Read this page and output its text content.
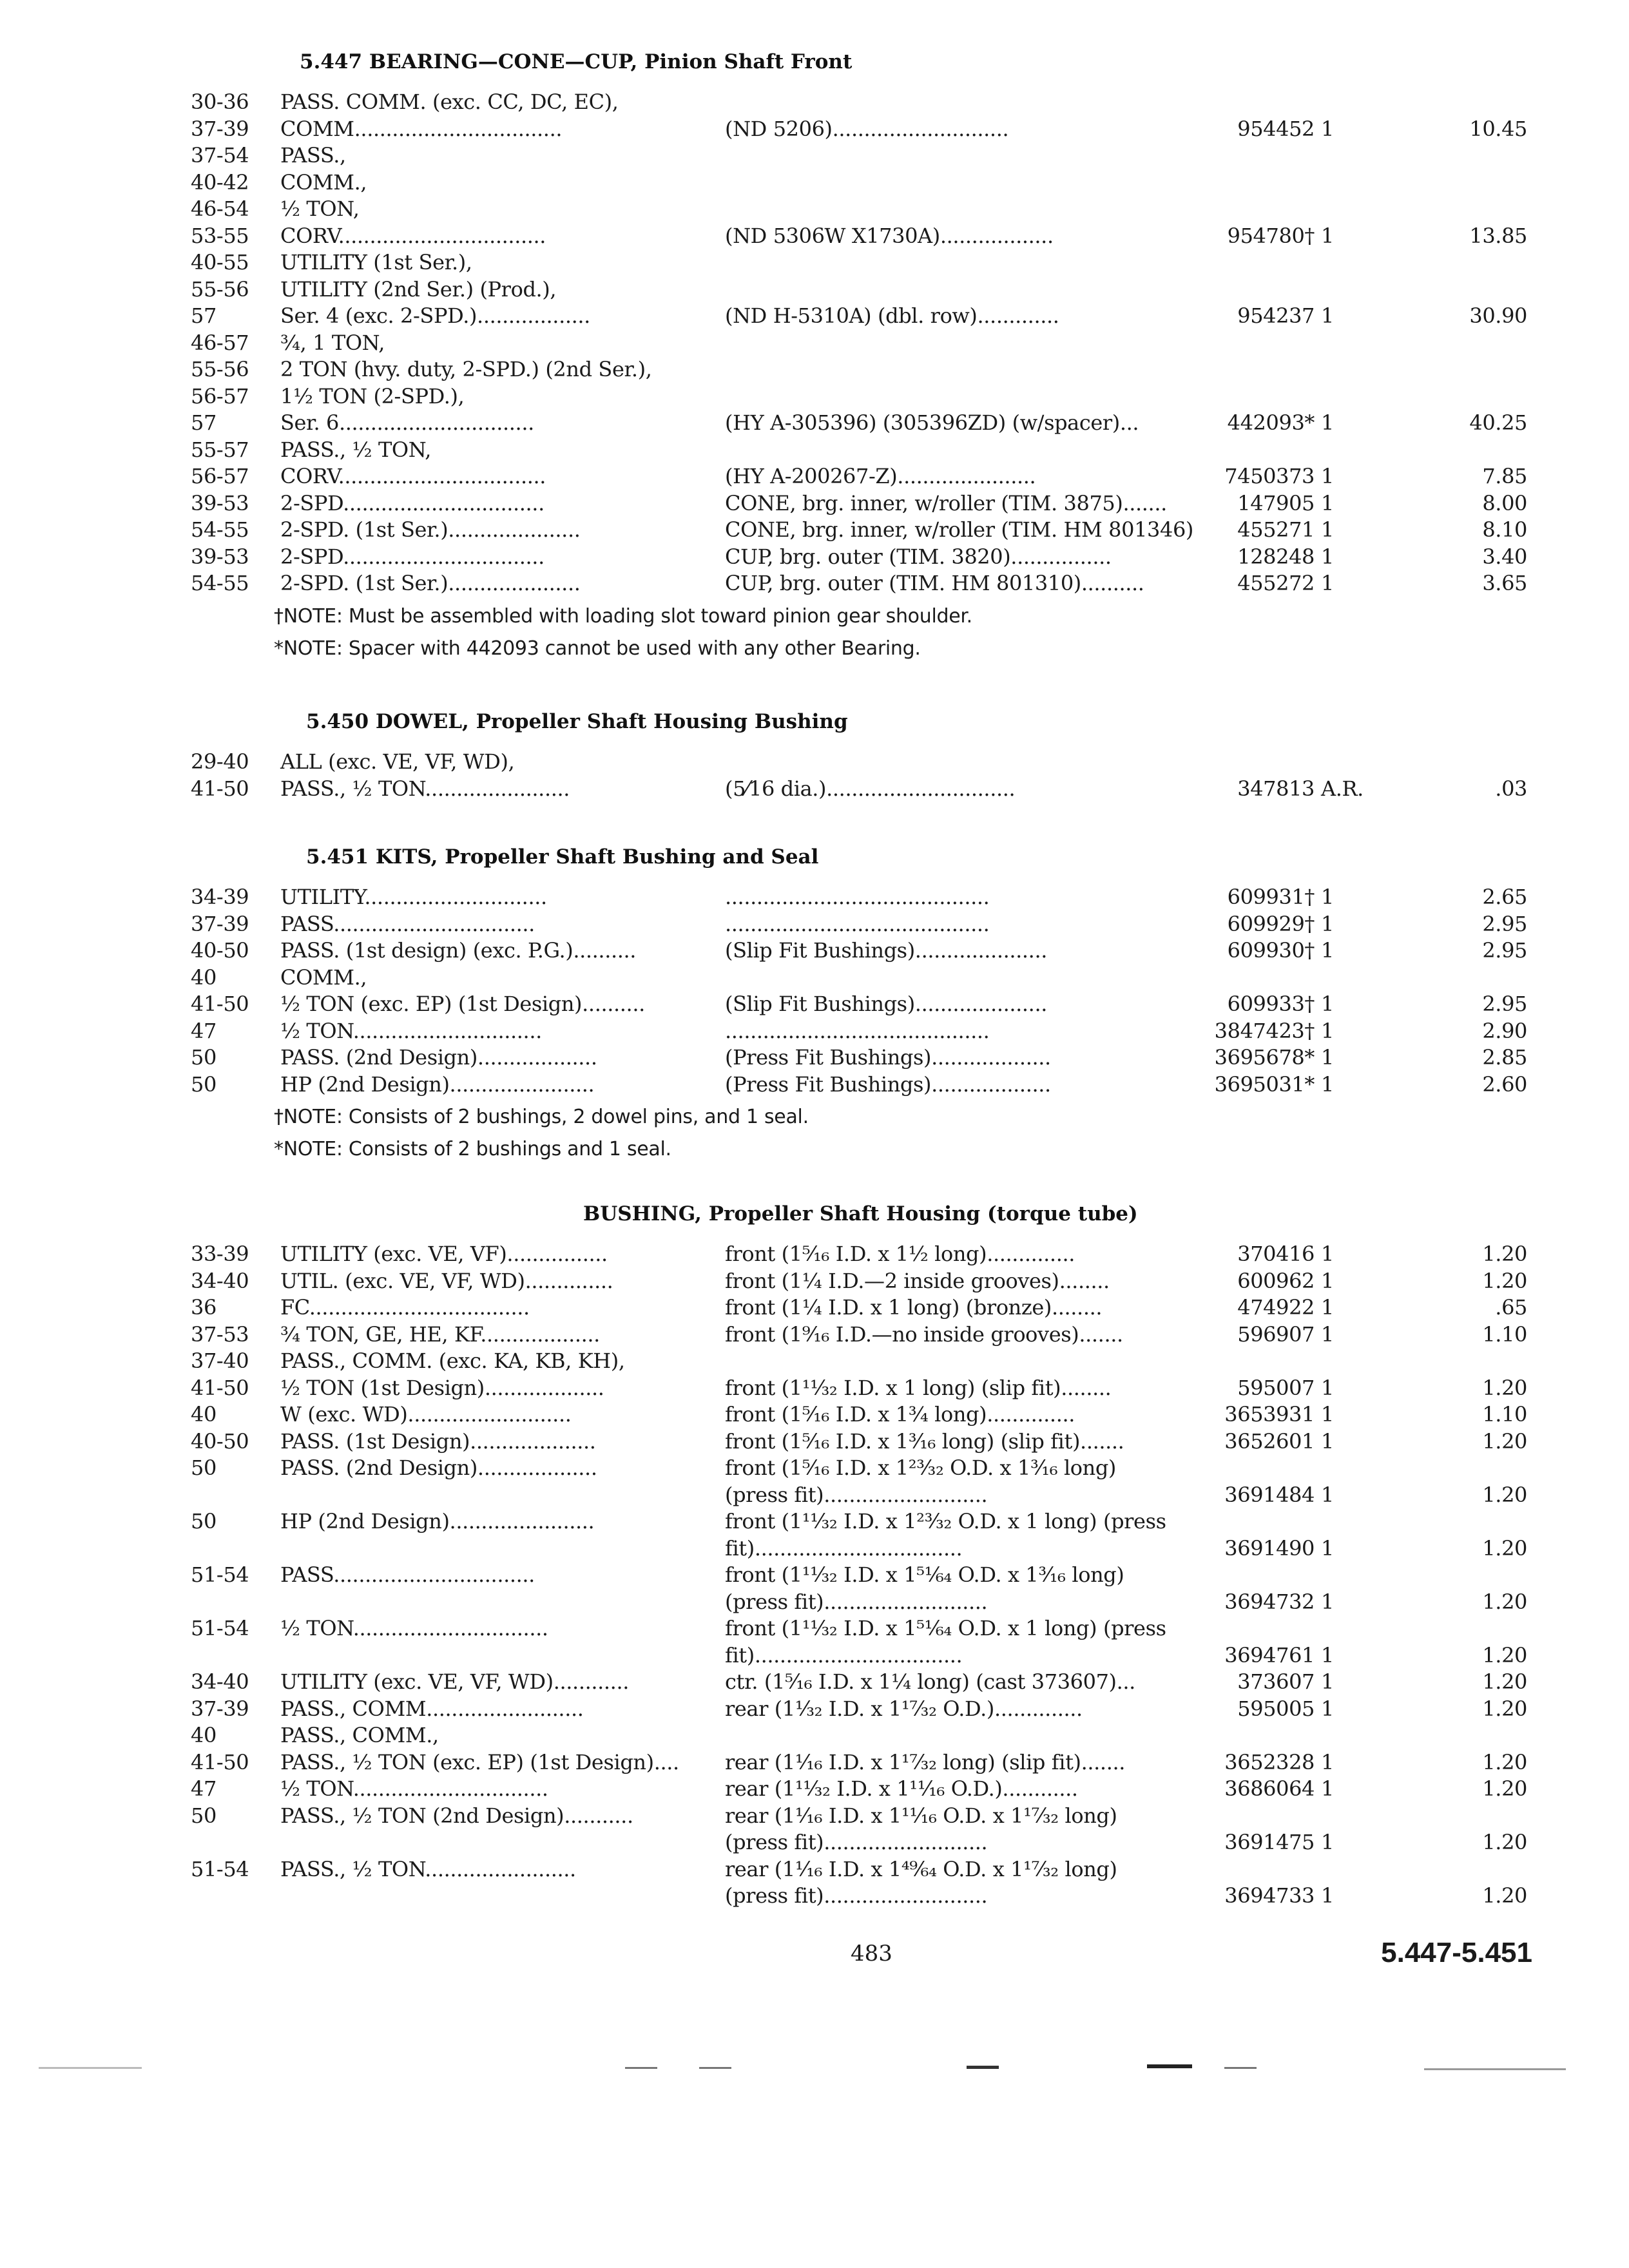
5.447 BEARING—CONE—CUP, Pinion Shaft Front
30-36	PASS. COMM. (exc. CC, DC, EC),
37-39	COMM.................................	(ND 5206)............................	954452 1	10.45
37-54	PASS.,
40-42	COMM.,
46-54	½ TON,
53-55	CORV.................................	(ND 5306W X1730A)..................	954780† 1	13.85
40-55	UTILITY (1st Ser.),
55-56	UTILITY (2nd Ser.) (Prod.),
57	Ser. 4 (exc. 2-SPD.)..................	(ND H-5310A) (dbl. row).............	954237 1	30.90
46-57	¾, 1 TON,
55-56	2 TON (hvy. duty, 2-SPD.) (2nd Ser.),
56-57	1½ TON (2-SPD.),
57	Ser. 6...............................	(HY A-305396) (305396ZD) (w/spacer)...	442093* 1	40.25
55-57	PASS., ½ TON,
56-57	CORV.................................	(HY A-200267-Z)......................	7450373 1	7.85
39-53	2-SPD................................	CONE, brg. inner, w/roller (TIM. 3875).......	147905 1	8.00
54-55	2-SPD. (1st Ser.).....................	CONE, brg. inner, w/roller (TIM. HM 801346)	455271 1	8.10
39-53	2-SPD................................	CUP, brg. outer (TIM. 3820)................	128248 1	3.40
54-55	2-SPD. (1st Ser.).....................	CUP, brg. outer (TIM. HM 801310)..........	455272 1	3.65
†NOTE: Must be assembled with loading slot toward pinion gear shoulder.
*NOTE: Spacer with 442093 cannot be used with any other Bearing.
5.450 DOWEL, Propeller Shaft Housing Bushing
29-40	ALL (exc. VE, VF, WD),
41-50	PASS., ½ TON.......................	(5⁄16 dia.)..............................	347813 A.R.	.03
5.451 KITS, Propeller Shaft Bushing and Seal
34-39	UTILITY.............................	..........................................	609931† 1	2.65
37-39	PASS................................	..........................................	609929† 1	2.95
40-50	PASS. (1st design) (exc. P.G.)..........	(Slip Fit Bushings).....................	609930† 1	2.95
40	COMM.,
41-50	½ TON (exc. EP) (1st Design)..........	(Slip Fit Bushings).....................	609933† 1	2.95
47	½ TON..............................	..........................................	3847423† 1	2.90
50	PASS. (2nd Design)...................	(Press Fit Bushings)...................	3695678* 1	2.85
50	HP (2nd Design).......................	(Press Fit Bushings)...................	3695031* 1	2.60
†NOTE: Consists of 2 bushings, 2 dowel pins, and 1 seal.
*NOTE: Consists of 2 bushings and 1 seal.
BUSHING, Propeller Shaft Housing (torque tube)
33-39	UTILITY (exc. VE, VF)................	front (1⁵⁄₁₆ I.D. x 1½ long)..............	370416 1	1.20
34-40	UTIL. (exc. VE, VF, WD)..............	front (1¼ I.D.—2 inside grooves)........	600962 1	1.20
36	FC...................................	front (1¼ I.D. x 1 long) (bronze)........	474922 1	.65
37-53	¾ TON, GE, HE, KF...................	front (1⁹⁄₁₆ I.D.—no inside grooves).......	596907 1	1.10
37-40	PASS., COMM. (exc. KA, KB, KH),
41-50	½ TON (1st Design)...................	front (1¹¹⁄₃₂ I.D. x 1 long) (slip fit)........	595007 1	1.20
40	W (exc. WD)..........................	front (1⁵⁄₁₆ I.D. x 1¾ long)..............	3653931 1	1.10
40-50	PASS. (1st Design)....................	front (1⁵⁄₁₆ I.D. x 1³⁄₁₆ long) (slip fit).......	3652601 1	1.20
50	PASS. (2nd Design)...................	front (1⁵⁄₁₆ I.D. x 1²³⁄₃₂ O.D. x 1³⁄₁₆ long)
(press fit)..........................	3691484 1	1.20
50	HP (2nd Design).......................	front (1¹¹⁄₃₂ I.D. x 1²³⁄₃₂ O.D. x 1 long) (press
fit).................................	3691490 1	1.20
51-54	PASS................................	front (1¹¹⁄₃₂ I.D. x 1⁵¹⁄₆₄ O.D. x 1³⁄₁₆ long)
(press fit)..........................	3694732 1	1.20
51-54	½ TON...............................	front (1¹¹⁄₃₂ I.D. x 1⁵¹⁄₆₄ O.D. x 1 long) (press
fit).................................	3694761 1	1.20
34-40	UTILITY (exc. VE, VF, WD)............	ctr. (1⁵⁄₁₆ I.D. x 1¼ long) (cast 373607)...	373607 1	1.20
37-39	PASS., COMM.........................	rear (1¹⁄₃₂ I.D. x 1¹⁷⁄₃₂ O.D.)..............	595005 1	1.20
40	PASS., COMM.,
41-50	PASS., ½ TON (exc. EP) (1st Design)....	rear (1¹⁄₁₆ I.D. x 1¹⁷⁄₃₂ long) (slip fit).......	3652328 1	1.20
47	½ TON...............................	rear (1¹¹⁄₃₂ I.D. x 1¹¹⁄₁₆ O.D.)............	3686064 1	1.20
50	PASS., ½ TON (2nd Design)...........	rear (1¹⁄₁₆ I.D. x 1¹¹⁄₁₆ O.D. x 1¹⁷⁄₃₂ long)
(press fit)..........................	3691475 1	1.20
51-54	PASS., ½ TON........................	rear (1¹⁄₁₆ I.D. x 1⁴⁹⁄₆₄ O.D. x 1¹⁷⁄₃₂ long)
(press fit)..........................	3694733 1	1.20
483	5.447-5.451
